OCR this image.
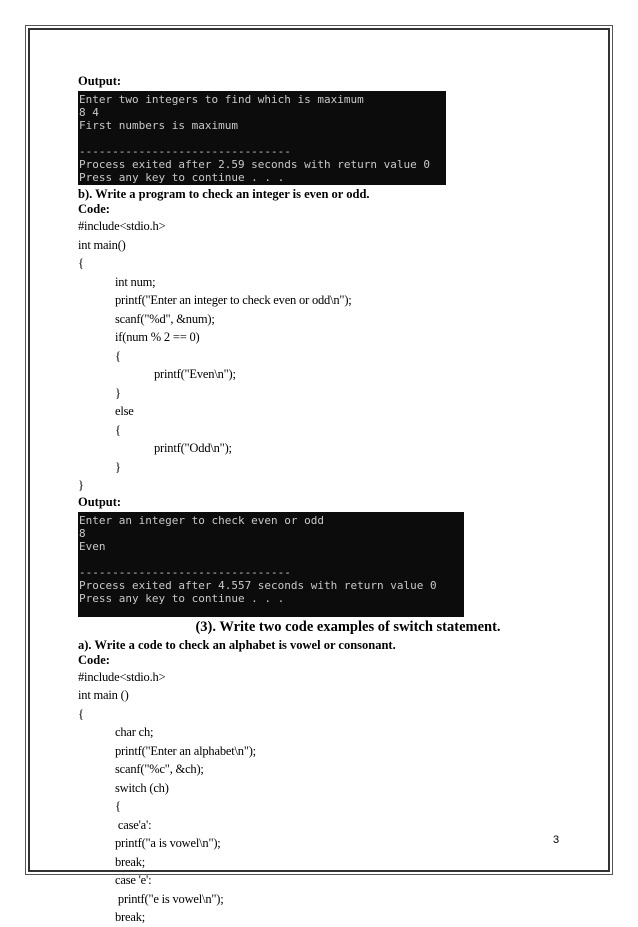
Output:
Enter two integers to find which is maximum
8 4
First numbers is maximum
--------------------------------
Process exited after 2.59 seconds with return value 0
Press any key to continue . . .
b). Write a program to check an integer is even or odd.
Code:
#include<stdio.h>
int main()
{
int num;
printf("Enter an integer to check even or odd\n");
scanf("%d", &num);
if(num % 2 == 0)
{
printf("Even\n");
}
else
{
printf("Odd\n");
}
}
Output:
Enter an integer to check even or odd
8
Even
--------------------------------
Process exited after 4.557 seconds with return value 0
Press any key to continue . . .
(3). Write two code examples of switch statement.
a). Write a code to check an alphabet is vowel or consonant.
Code:
#include<stdio.h>
int main ()
{
char ch;
printf("Enter an alphabet\n");
scanf("%c", &ch);
switch (ch)
{
case'a':
printf("a is vowel\n");
break;
case 'e':
printf("e is vowel\n");
break;
3
